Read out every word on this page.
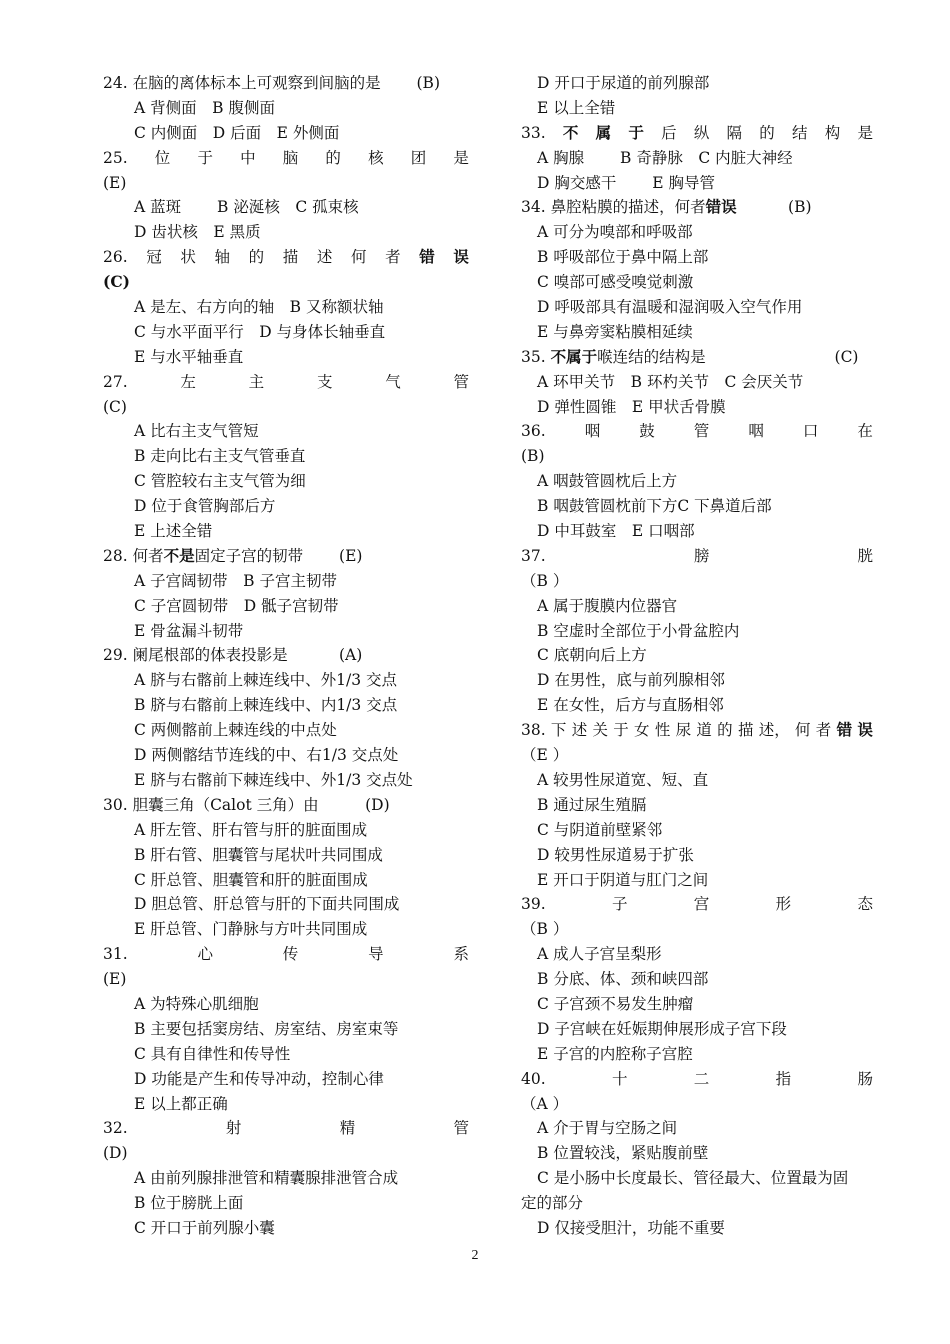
24. 在脑的离体标本上可观察到间脑的是　　 (B)
A 背侧面　B 腹侧面
C 内侧面　D 后面　E 外侧面
25. 位 于 中 脑 的 核 团 是
(E)
A 蓝斑　　 B 泌涎核　C 孤束核
D 齿状核　E 黑质
26. 冠 状 轴 的 描 述 何 者 错 误
(C)
A 是左、右方向的轴　B 又称额状轴
C 与水平面平行　D 与身体长轴垂直
E 与水平轴垂直
27.	左	主	支	气	管
(C)
A 比右主支气管短
B 走向比右主支气管垂直
C 管腔较右主支气管为细
D 位于食管胸部后方
E 上述全错
28. 何者不是固定子宫的韧带　　 (E)
A 子宫阔韧带　B 子宫主韧带
C 子宫圆韧带　D 骶子宫韧带
E 骨盆漏斗韧带
29. 阑尾根部的体表投影是　　　 (A)
A 脐与右髂前上棘连线中、外1/3 交点
B 脐与右髂前上棘连线中、内1/3 交点
C 两侧髂前上棘连线的中点处
D 两侧髂结节连线的中、右1/3 交点处
E 脐与右髂前下棘连线中、外1/3 交点处
30. 胆囊三角（Calot 三角）由　　　(D)
A 肝左管、肝右管与肝的脏面围成
B 肝右管、胆囊管与尾状叶共同围成
C 肝总管、胆囊管和肝的脏面围成
D 胆总管、肝总管与肝的下面共同围成
E 肝总管、门静脉与方叶共同围成
31.	心	传	导	系
(E)
A 为特殊心肌细胞
B 主要包括窦房结、房室结、房室束等
C 具有自律性和传导性
D 功能是产生和传导冲动，控制心律
E 以上都正确
32.	射	精	管
(D)
A 由前列腺排泄管和精囊腺排泄管合成
B 位于膀胱上面
C 开口于前列腺小囊
D 开口于尿道的前列腺部
E 以上全错
33. 不 属 于 后 纵 隔 的 结 构 是
A 胸腺　　 B 奇静脉　C 内脏大神经
D 胸交感干　　 E 胸导管
34. 鼻腔粘膜的描述，何者错误　　　 (B)
A 可分为嗅部和呼吸部
B 呼吸部位于鼻中隔上部
C 嗅部可感受嗅觉刺激
D 呼吸部具有温暖和湿润吸入空气作用
E 与鼻旁窦粘膜相延续
35. 不属于喉连结的结构是　　　　　　　　 (C)
A 环甲关节　B 环杓关节　C 会厌关节
D 弹性圆锥　E 甲状舌骨膜
36.	咽	鼓	管	咽	口	在
(B)
A 咽鼓管圆枕后上方
B 咽鼓管圆枕前下方C 下鼻道后部
D 中耳鼓室　E 口咽部
37.	膀	胱
（B ）
A 属于腹膜内位器官
B 空虚时全部位于小骨盆腔内
C 底朝向后上方
D 在男性，底与前列腺相邻
E 在女性，后方与直肠相邻
38. 下 述 关 于 女 性 尿 道 的 描 述， 何 者 错 误
（E ）
A 较男性尿道宽、短、直
B 通过尿生殖膈
C 与阴道前壁紧邻
D 较男性尿道易于扩张
E 开口于阴道与肛门之间
39.	子	宫	形	态
（B ）
A 成人子宫呈梨形
B 分底、体、颈和峡四部
C 子宫颈不易发生肿瘤
D 子宫峡在妊娠期伸展形成子宫下段
E 子宫的内腔称子宫腔
40.	十	二	指	肠
（A ）
A 介于胃与空肠之间
B 位置较浅，紧贴腹前壁
C 是小肠中长度最长、管径最大、位置最为固
定的部分
D 仅接受胆汁，功能不重要
2
